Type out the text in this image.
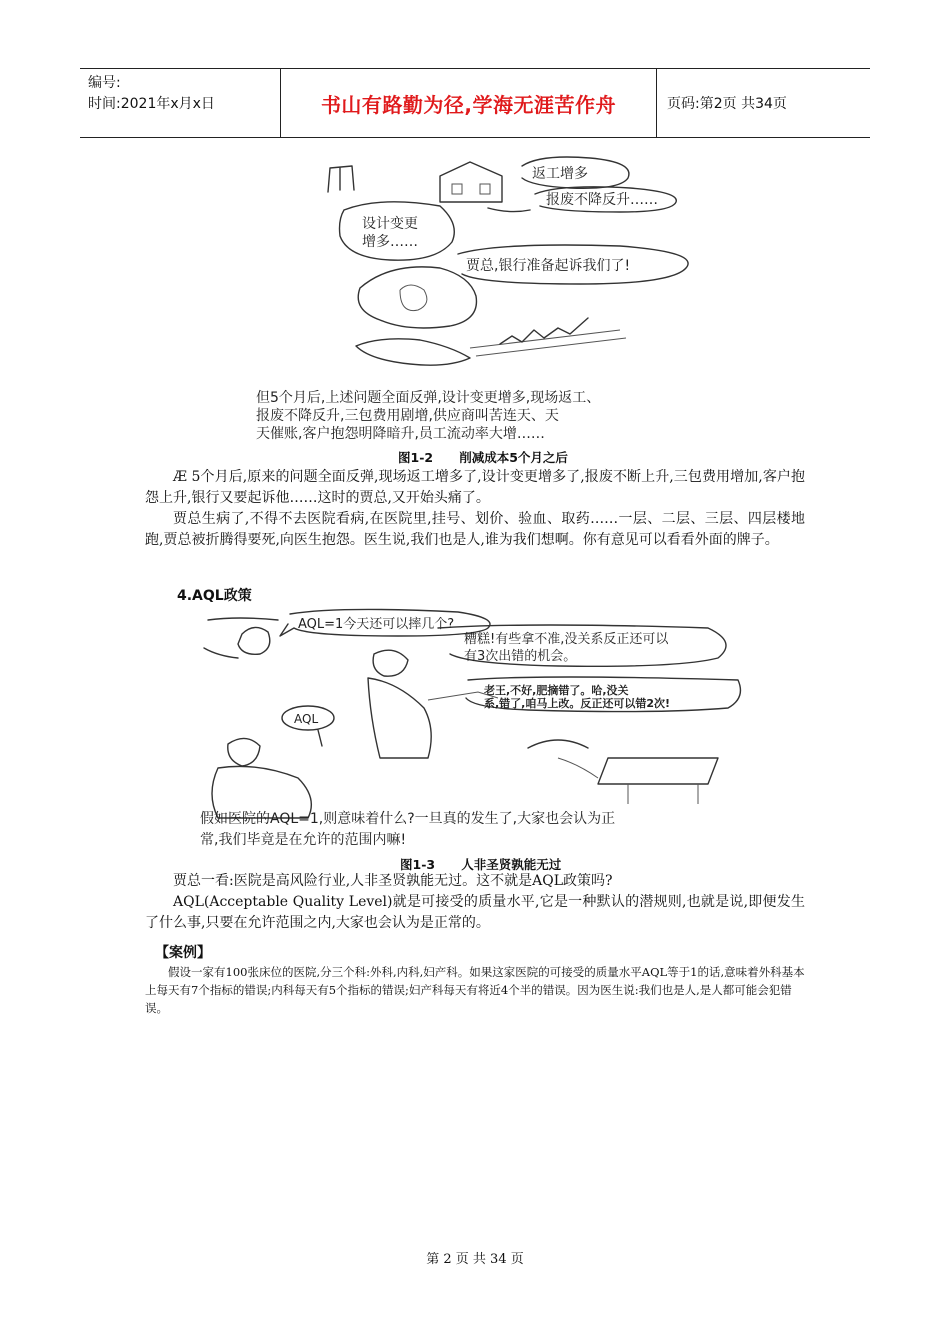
编号:
时间:2021年x月x日	书山有路勤为径,学海无涯苦作舟	页码:第2页 共34页
返工增多
报废不降反升……
设计变更
增多……
贾总,银行准备起诉我们了!
但5个月后,上述问题全面反弹,设计变更增多,现场返工、
报废不降反升,三包费用剧增,供应商叫苦连天、天
天催账,客户抱怨明降暗升,员工流动率大增……
图1-2      削减成本5个月之后
Æ 5个月后,原来的问题全面反弹,现场返工增多了,设计变更增多了,报废不断上升,三包费用增加,客户抱怨上升,银行又要起诉他……这时的贾总,又开始头痛了。
贾总生病了,不得不去医院看病,在医院里,挂号、划价、验血、取药……一层、二层、三层、四层楼地跑,贾总被折腾得要死,向医生抱怨。医生说,我们也是人,谁为我们想啊。你有意见可以看看外面的牌子。
4.AQL政策
AQL=1今天还可以摔几个?
糟糕!有些拿不准,没关系反正还可以
有3次出错的机会。
老王,不好,肥摘错了。哈,没关
系,错了,咱马上改。反正还可以错2次!
AQL
假如医院的AQL=1,则意味着什么?一旦真的发生了,大家也会认为正
常,我们毕竟是在允许的范围内嘛!
图1-3      人非圣贤孰能无过
贾总一看:医院是高风险行业,人非圣贤孰能无过。这不就是AQL政策吗?
AQL(Acceptable Quality Level)就是可接受的质量水平,它是一种默认的潜规则,也就是说,即便发生了什么事,只要在允许范围之内,大家也会认为是正常的。
【案例】
假设一家有100张床位的医院,分三个科:外科,内科,妇产科。如果这家医院的可接受的质量水平AQL等于1的话,意味着外科基本上每天有7个指标的错误;内科每天有5个指标的错误;妇产科每天有将近4个半的错误。因为医生说:我们也是人,是人都可能会犯错误。
第 2 页 共 34 页
